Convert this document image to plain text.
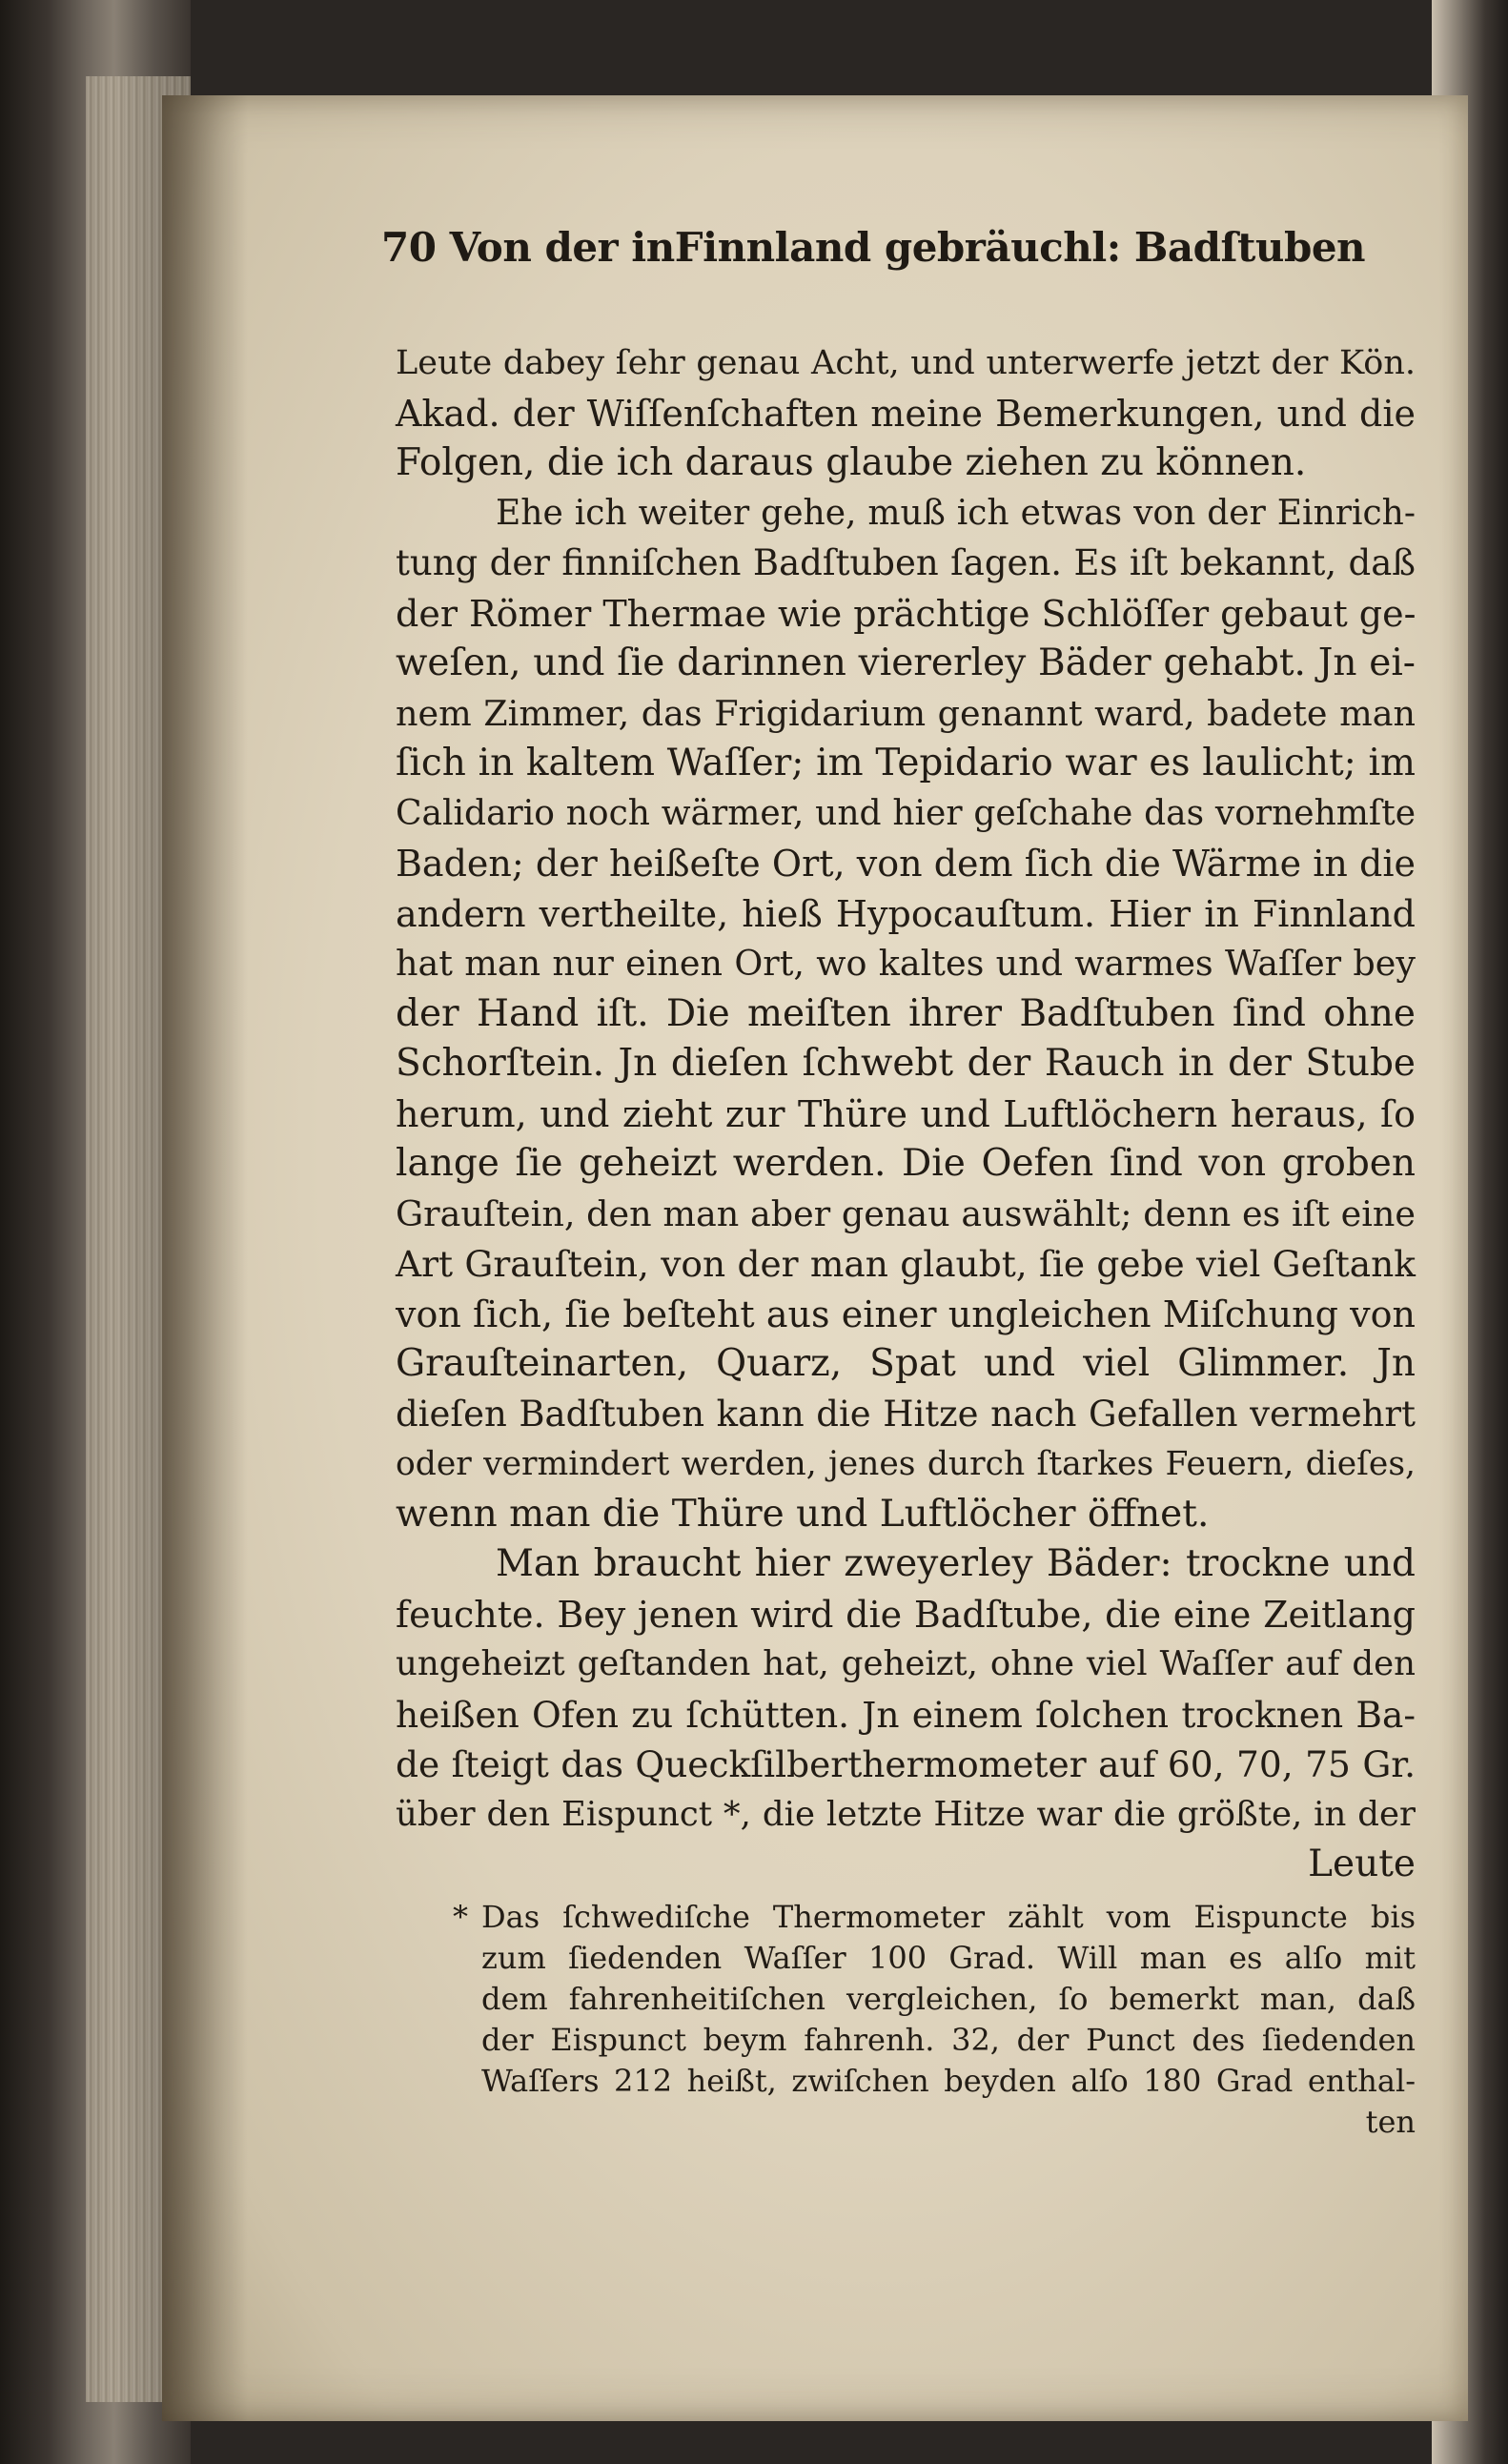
70 Von der inFinnland gebräuchl: Badſtuben
Leute dabey ſehr genau Acht, und unterwerfe jetzt der Kön.
Akad. der Wiſſenſchaften meine Bemerkungen, und die
Folgen, die ich daraus glaube ziehen zu können.
Ehe ich weiter gehe, muß ich etwas von der Einrich-
tung der finniſchen Badſtuben ſagen. Es iſt bekannt, daß
der Römer Thermae wie prächtige Schlöſſer gebaut ge-
weſen, und ſie darinnen viererley Bäder gehabt. Jn ei-
nem Zimmer, das Frigidarium genannt ward, badete man
ſich in kaltem Waſſer; im Tepidario war es laulicht; im
Calidario noch wärmer, und hier geſchahe das vornehmſte
Baden; der heißeſte Ort, von dem ſich die Wärme in die
andern vertheilte, hieß Hypocauſtum. Hier in Finnland
hat man nur einen Ort, wo kaltes und warmes Waſſer bey
der Hand iſt. Die meiſten ihrer Badſtuben ſind ohne
Schorſtein. Jn dieſen ſchwebt der Rauch in der Stube
herum, und zieht zur Thüre und Luftlöchern heraus, ſo
lange ſie geheizt werden. Die Oefen ſind von groben
Grauſtein, den man aber genau auswählt; denn es iſt eine
Art Grauſtein, von der man glaubt, ſie gebe viel Geſtank
von ſich, ſie beſteht aus einer ungleichen Miſchung von
Grauſteinarten, Quarz, Spat und viel Glimmer. Jn
dieſen Badſtuben kann die Hitze nach Gefallen vermehrt
oder vermindert werden, jenes durch ſtarkes Feuern, dieſes,
wenn man die Thüre und Luftlöcher öffnet.
Man braucht hier zweyerley Bäder: trockne und
feuchte. Bey jenen wird die Badſtube, die eine Zeitlang
ungeheizt geſtanden hat, geheizt, ohne viel Waſſer auf den
heißen Ofen zu ſchütten. Jn einem ſolchen trocknen Ba-
de ſteigt das Queckſilberthermometer auf 60, 70, 75 Gr.
über den Eispunct *, die letzte Hitze war die größte, in der
Leute
* Das ſchwediſche Thermometer zählt vom Eispuncte bis
zum ſiedenden Waſſer 100 Grad. Will man es alſo mit
dem fahrenheitiſchen vergleichen, ſo bemerkt man, daß
der Eispunct beym fahrenh. 32, der Punct des ſiedenden
Waſſers 212 heißt, zwiſchen beyden alſo 180 Grad enthal-
ten
